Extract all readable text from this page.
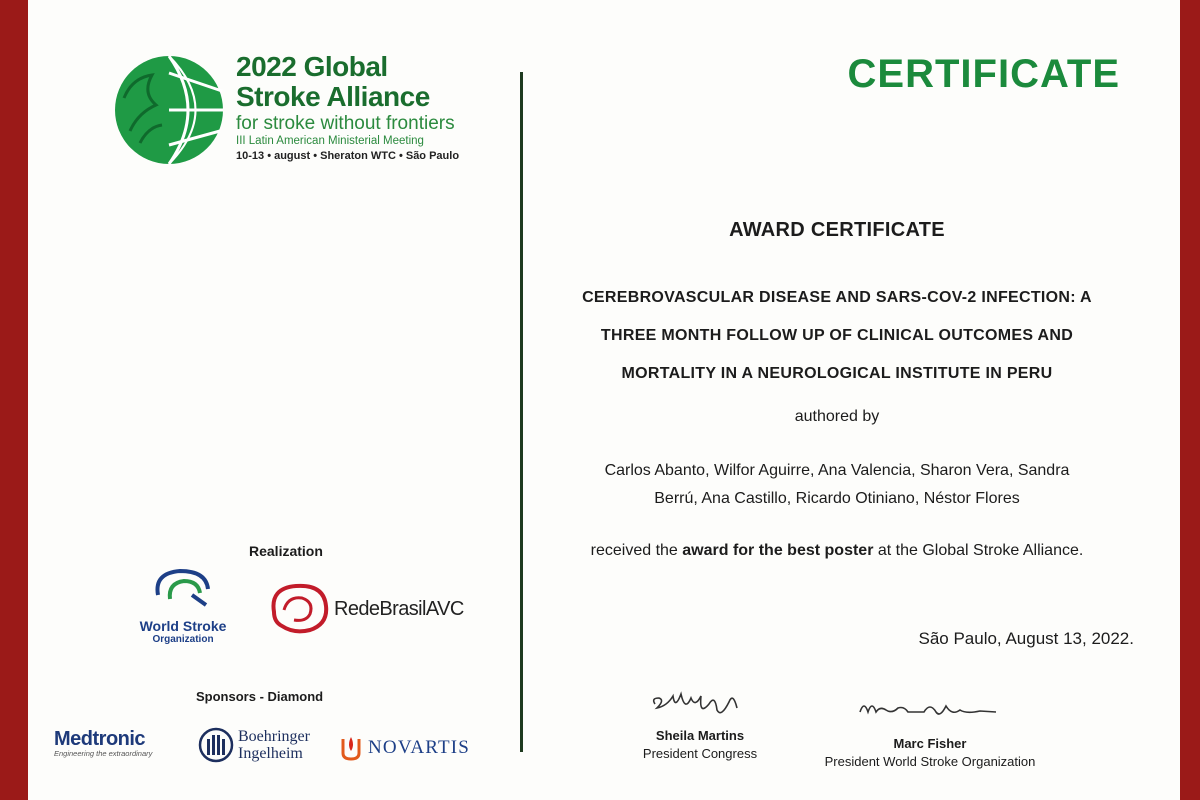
2022 Global
Stroke Alliance
for stroke without frontiers
III Latin American Ministerial Meeting
10-13 • august • Sheraton WTC • São Paulo
CERTIFICATE
AWARD CERTIFICATE
CEREBROVASCULAR DISEASE AND SARS-COV-2 INFECTION: A
THREE MONTH FOLLOW UP OF CLINICAL OUTCOMES AND
MORTALITY IN A NEUROLOGICAL INSTITUTE IN PERU
authored by
Carlos Abanto, Wilfor Aguirre, Ana Valencia, Sharon Vera, Sandra
Berrú, Ana Castillo, Ricardo Otiniano, Néstor Flores
received the award for the best poster at the Global Stroke Alliance.
São Paulo, August 13, 2022.
Sheila Martins
President Congress
Marc Fisher
President World Stroke Organization
Realization
World Stroke
Organization
RedeBrasilAVC
Sponsors - Diamond
Medtronic
Engineering the extraordinary
Boehringer
Ingelheim	NOVARTIS
